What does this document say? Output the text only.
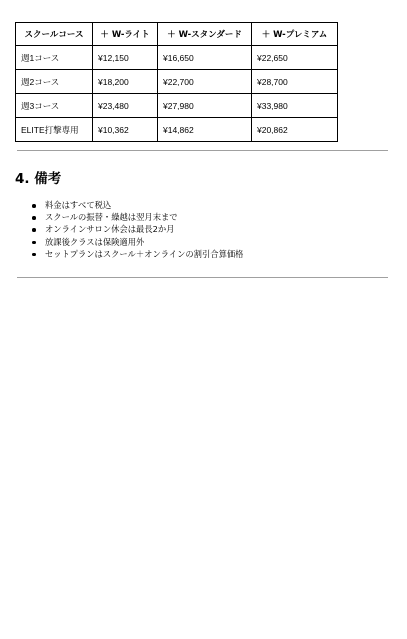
スクールコース	＋ W-ライト	＋ W-スタンダード	＋ W-プレミアム
週1コース	¥12,150	¥16,650	¥22,650
週2コース	¥18,200	¥22,700	¥28,700
週3コース	¥23,480	¥27,980	¥33,980
ELITE打撃専用	¥10,362	¥14,862	¥20,862
4. 備考
料金はすべて税込
スクールの振替・繰越は翌月末まで
オンラインサロン休会は最長2か月
放課後クラスは保険適用外
セットプランはスクール＋オンラインの割引合算価格
